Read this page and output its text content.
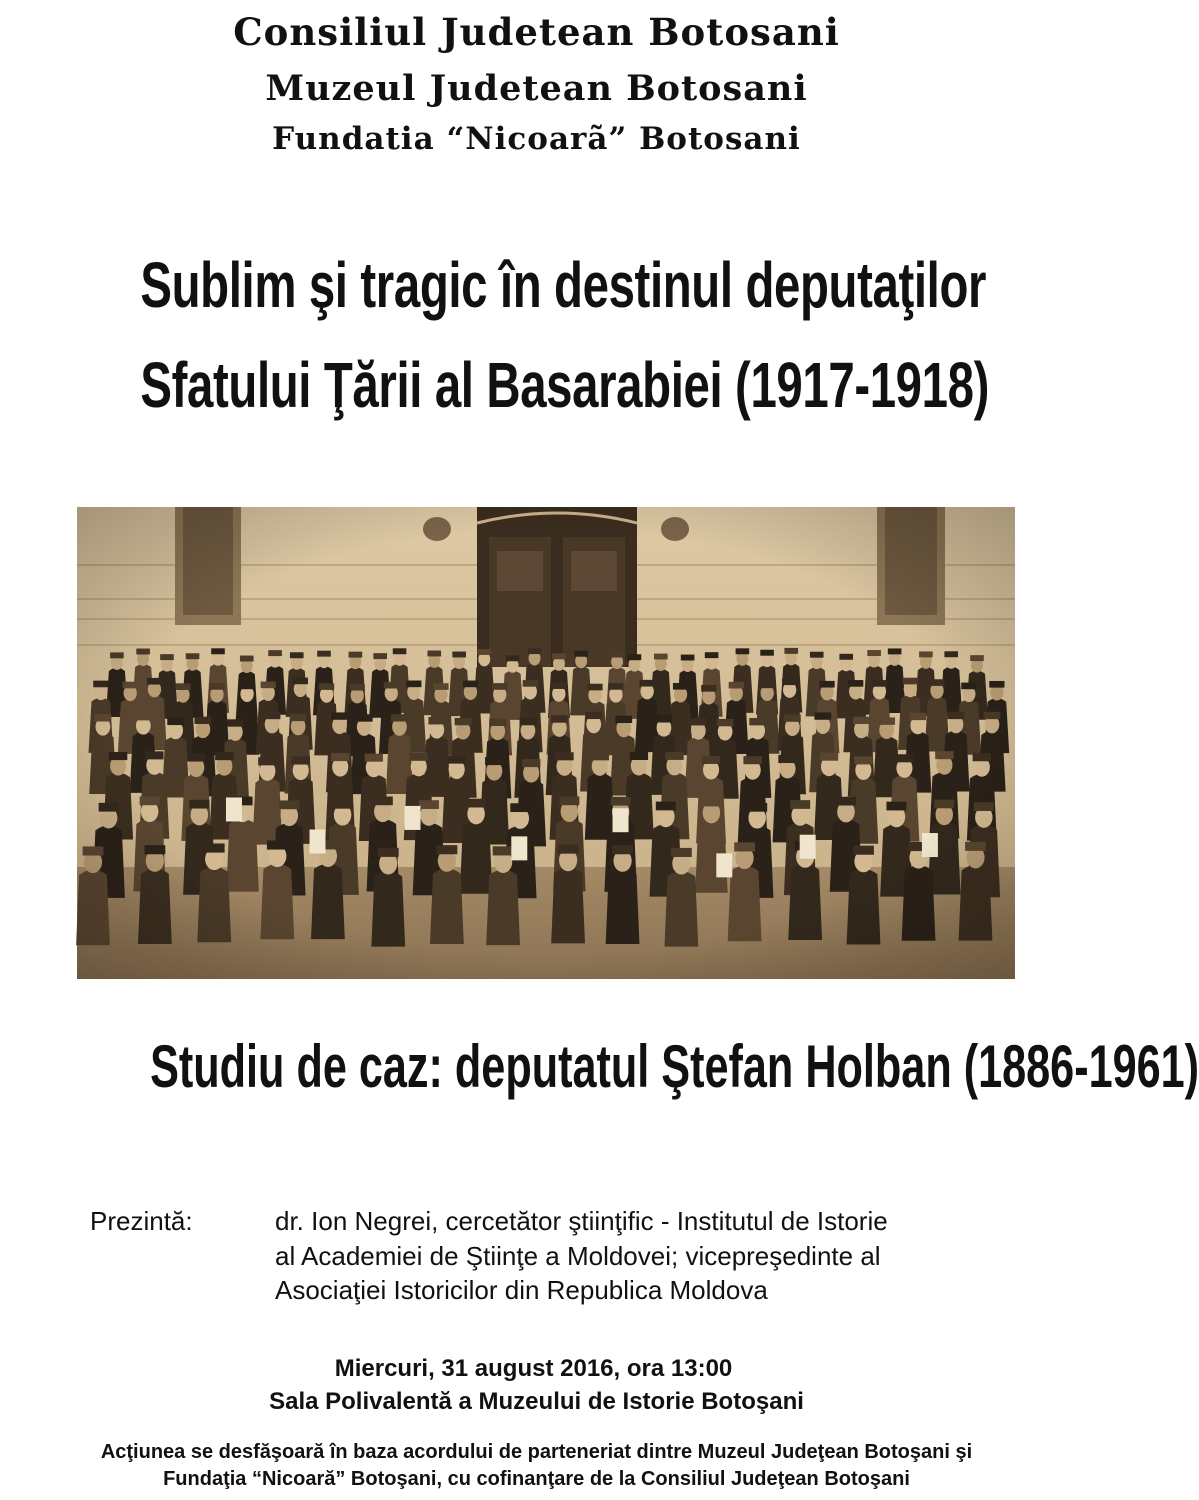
Consiliul Judetean Botosani
Muzeul Judetean Botosani
Fundatia “Nicoarã” Botosani
Sublim şi tragic în destinul deputaţilor
Sfatului Ţării al Basarabiei (1917-1918)
Studiu de caz: deputatul Ştefan Holban (1886-1961)
Prezintă:	dr. Ion Negrei, cercetător ştiinţific - Institutul de Istorie
al Academiei de Ştiinţe a Moldovei; vicepreşedinte al
Asociaţiei Istoricilor din Republica Moldova
Miercuri, 31 august 2016, ora 13:00
Sala Polivalentă a Muzeului de Istorie Botoşani
Acţiunea se desfăşoară în baza acordului de parteneriat dintre Muzeul Judeţean Botoşani şi
Fundaţia “Nicoară” Botoşani, cu cofinanţare de la Consiliul Judeţean Botoşani
